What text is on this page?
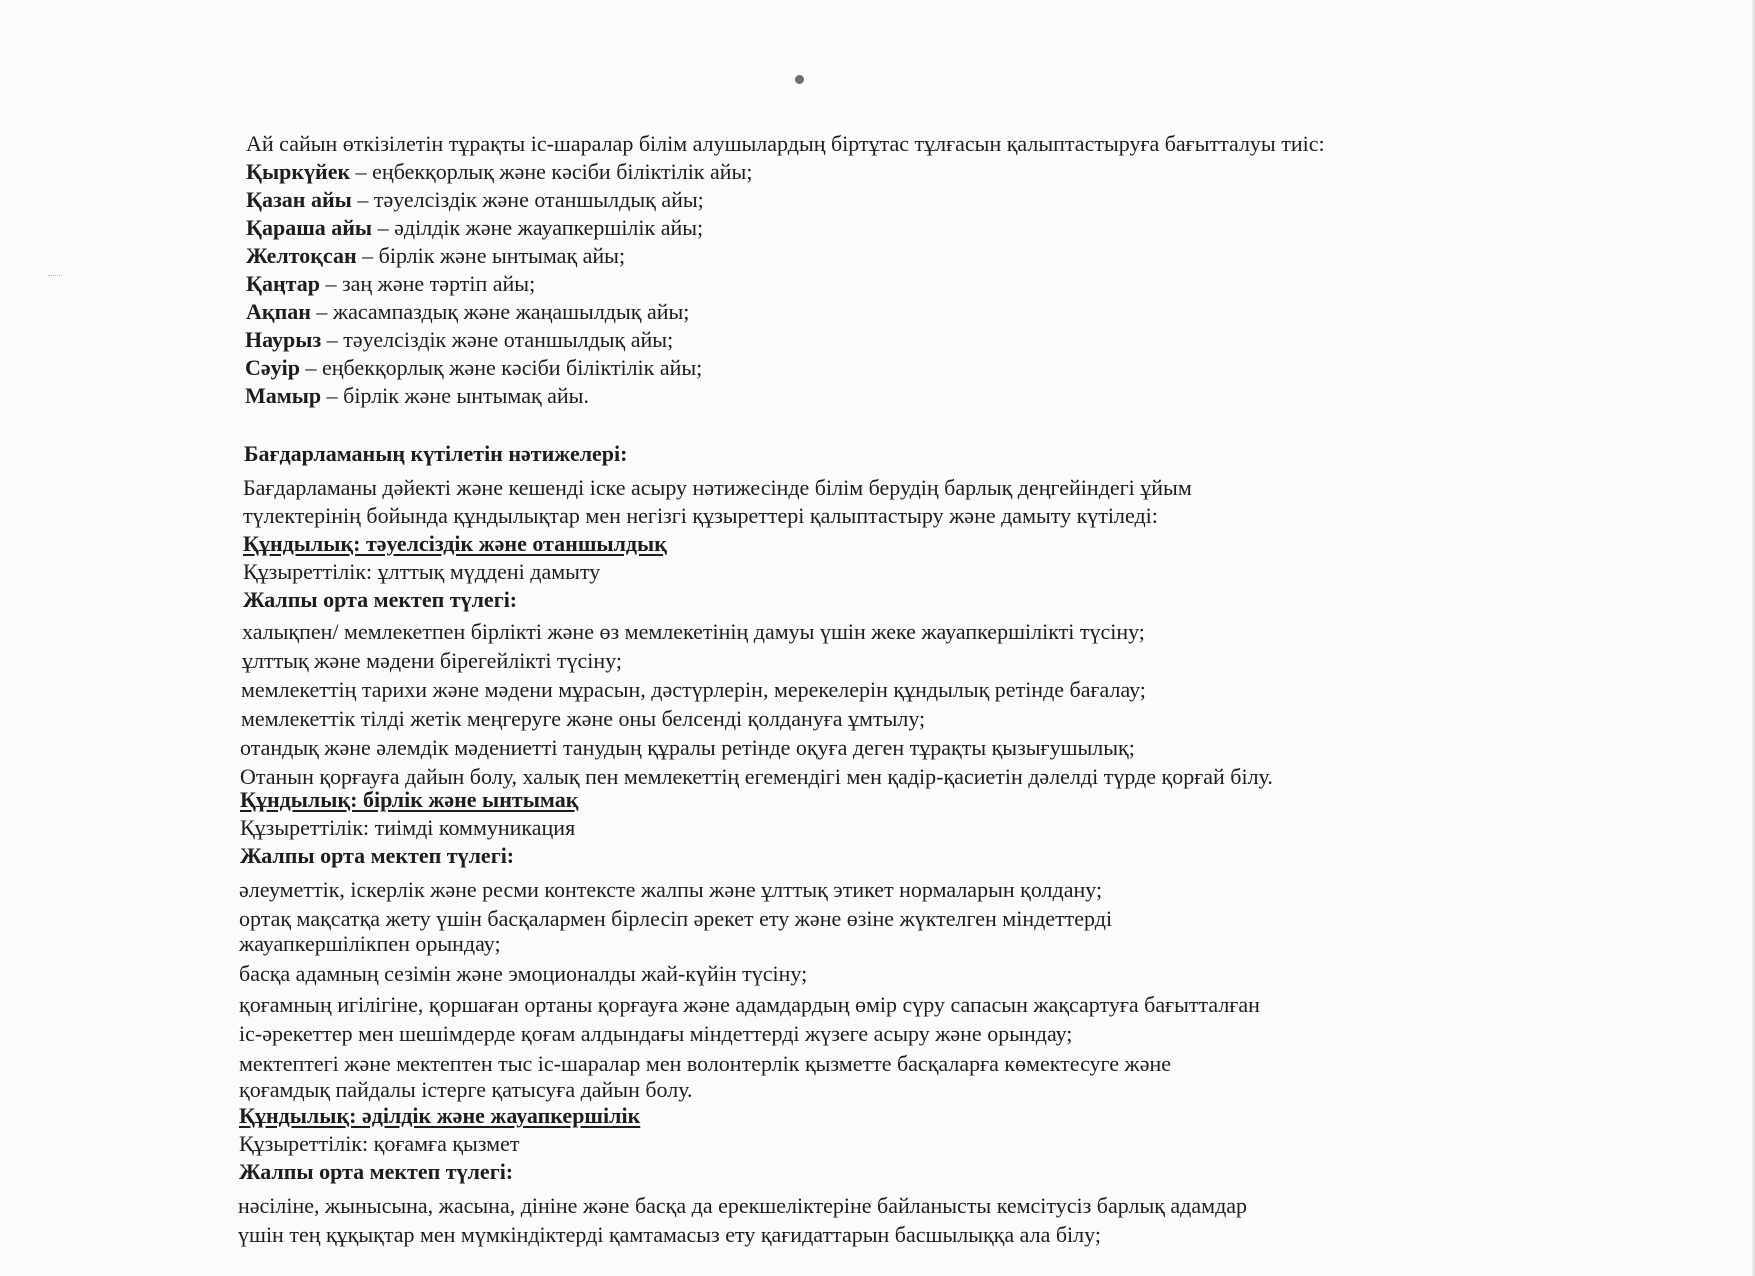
Ай сайын өткізілетін тұрақты іс-шаралар білім алушылардың біртұтас тұлғасын қалыптастыруға бағытталуы тиіс:
Қыркүйек – еңбекқорлық және кәсіби біліктілік айы;
Қазан айы – тәуелсіздік және отаншылдық айы;
Қараша айы – әділдік және жауапкершілік айы;
Желтоқсан – бірлік және ынтымақ айы;
Қаңтар – заң және тәртіп айы;
Ақпан – жасампаздық және жаңашылдық айы;
Наурыз – тәуелсіздік және отаншылдық айы;
Сәуір – еңбекқорлық және кәсіби біліктілік айы;
Мамыр – бірлік және ынтымақ айы.
Бағдарламаның күтілетін нәтижелері:
Бағдарламаны дәйекті және кешенді іске асыру нәтижесінде білім берудің барлық деңгейіндегі ұйым
түлектерінің бойында құндылықтар мен негізгі құзыреттері қалыптастыру және дамыту күтіледі:
Құндылық: тәуелсіздік және отаншылдық
Құзыреттілік: ұлттық мүддені дамыту
Жалпы орта мектеп түлегі:
халықпен/ мемлекетпен бірлікті және өз мемлекетінің дамуы үшін жеке жауапкершілікті түсіну;
ұлттық және мәдени бірегейлікті түсіну;
мемлекеттің тарихи және мәдени мұрасын, дәстүрлерін, мерекелерін құндылық ретінде бағалау;
мемлекеттік тілді жетік меңгеруге және оны белсенді қолдануға ұмтылу;
отандық және әлемдік мәдениетті танудың құралы ретінде оқуға деген тұрақты қызығушылық;
Отанын қорғауға дайын болу, халық пен мемлекеттің егемендігі мен қадір-қасиетін дәлелді түрде қорғай білу.
Құндылық: бірлік және ынтымақ
Құзыреттілік: тиімді коммуникация
Жалпы орта мектеп түлегі:
әлеуметтік, іскерлік және ресми контексте жалпы және ұлттық этикет нормаларын қолдану;
ортақ мақсатқа жету үшін басқалармен бірлесіп әрекет ету және өзіне жүктелген міндеттерді
жауапкершілікпен орындау;
басқа адамның сезімін және эмоционалды жай-күйін түсіну;
қоғамның игілігіне, қоршаған ортаны қорғауға және адамдардың өмір сүру сапасын жақсартуға бағытталған
іс-әрекеттер мен шешімдерде қоғам алдындағы міндеттерді жүзеге асыру және орындау;
мектептегі және мектептен тыс іс-шаралар мен волонтерлік қызметте басқаларға көмектесуге және
қоғамдық пайдалы істерге қатысуға дайын болу.
Құндылық: әділдік және жауапкершілік
Құзыреттілік: қоғамға қызмет
Жалпы орта мектеп түлегі:
нәсіліне, жынысына, жасына, дініне және басқа да ерекшеліктеріне байланысты кемсітусіз барлық адамдар
үшін тең құқықтар мен мүмкіндіктерді қамтамасыз ету қағидаттарын басшылыққа ала білу;
